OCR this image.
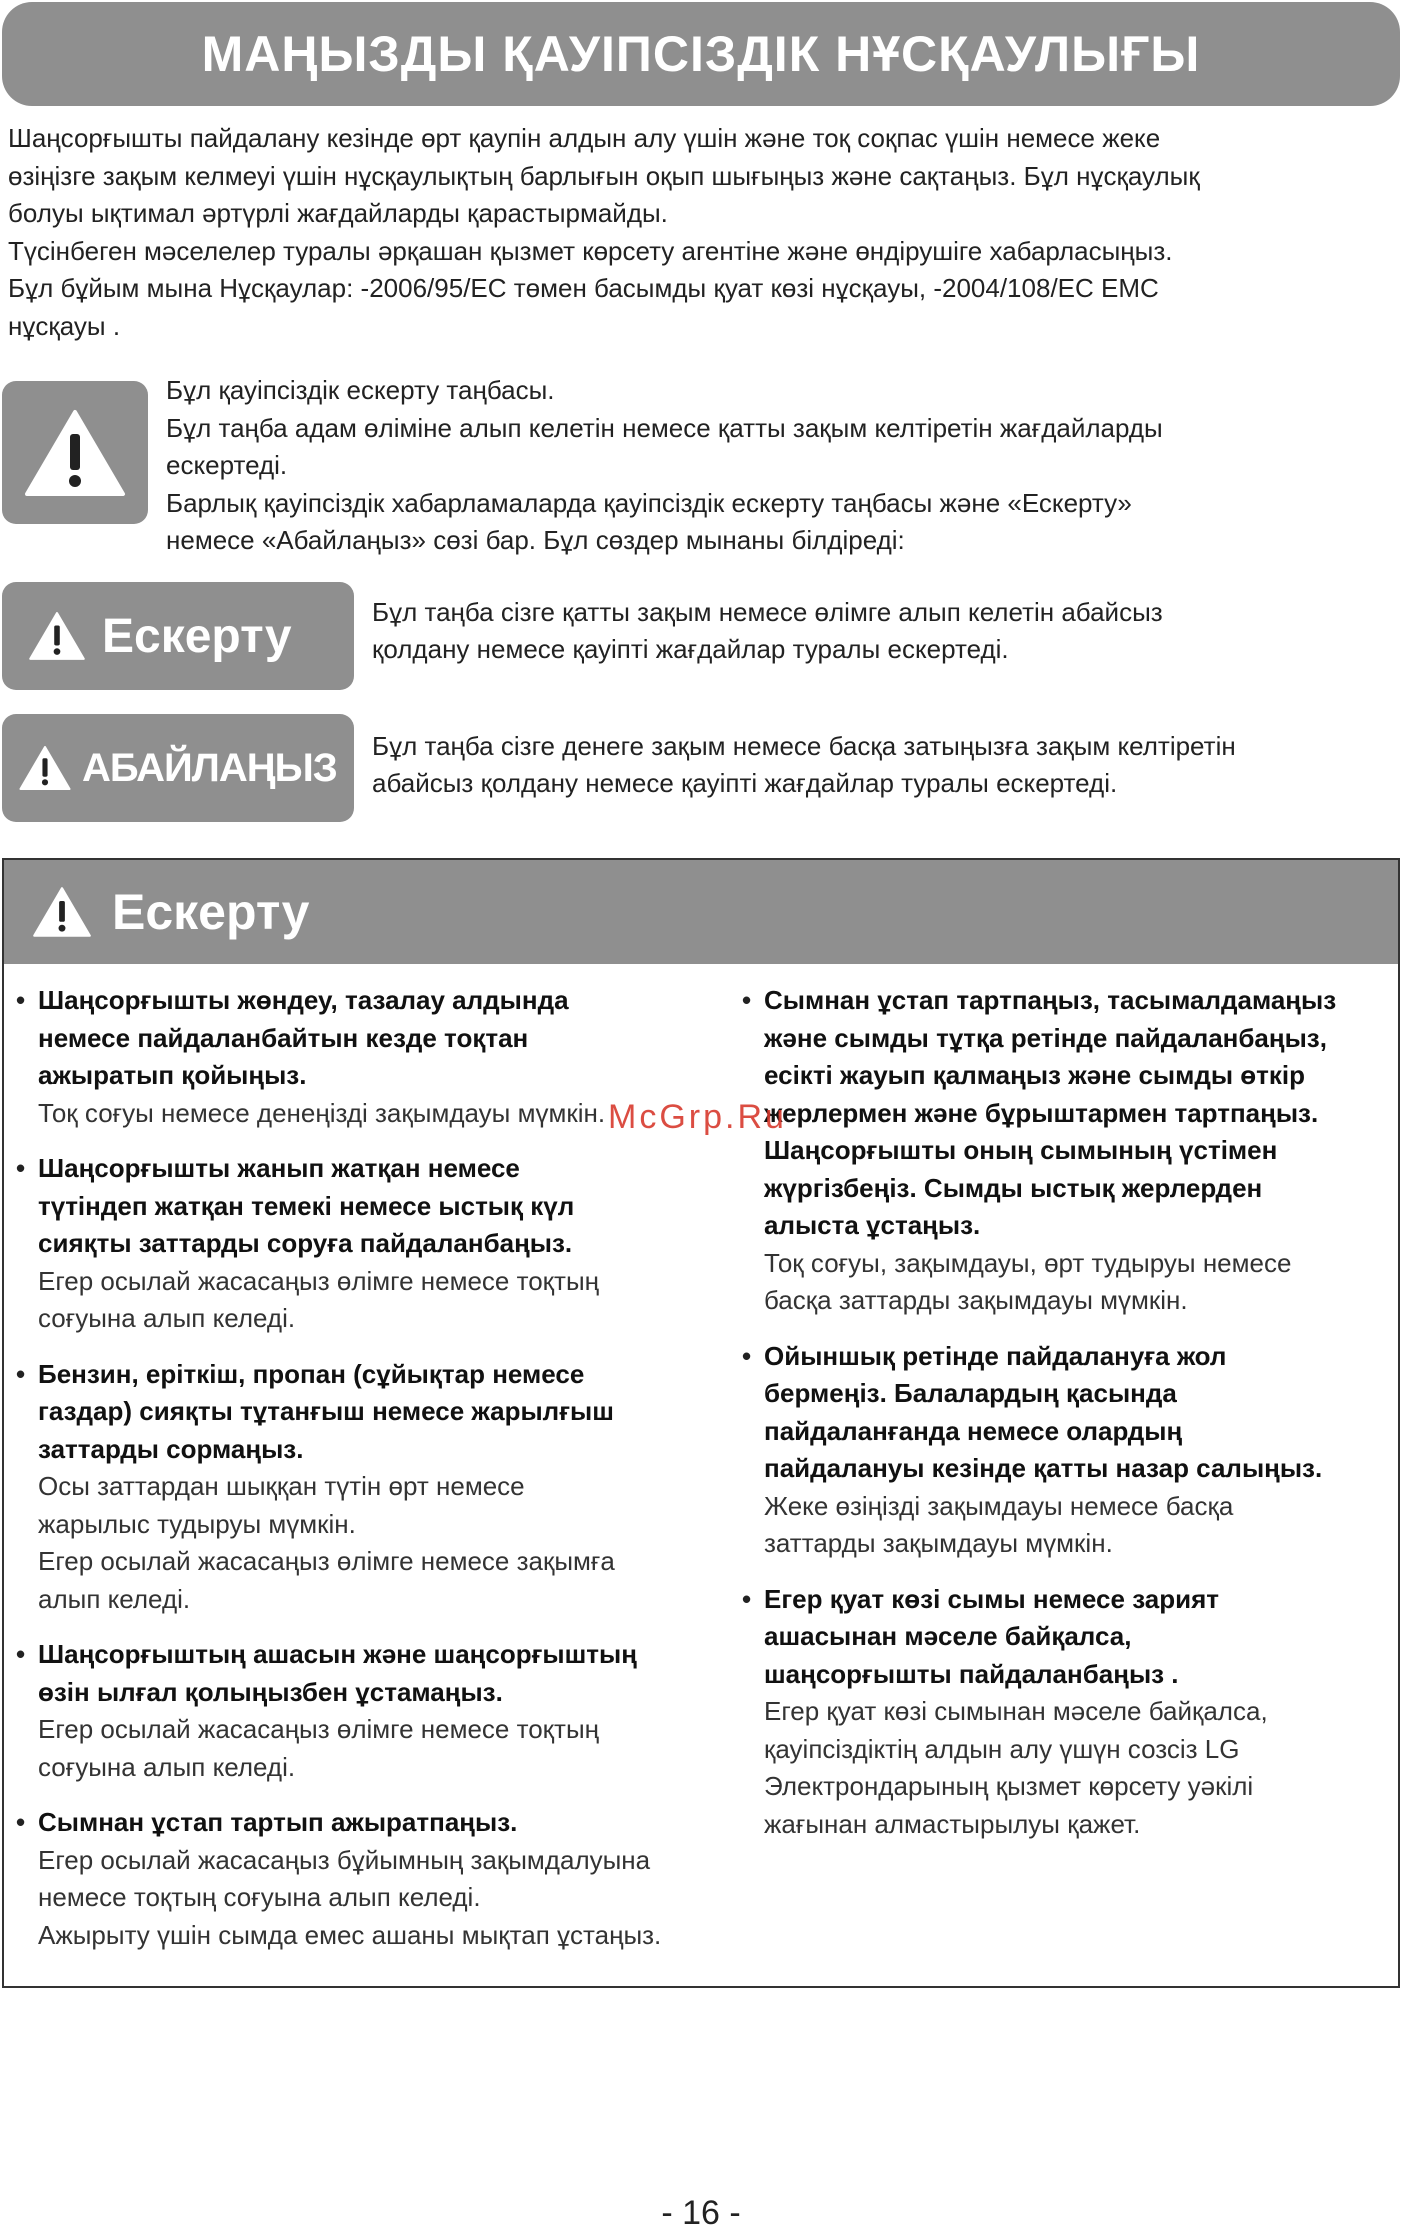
МАҢЫЗДЫ ҚАУІПСІЗДІК НҰСҚАУЛЫҒЫ

Шаңсорғышты пайдалану кезінде өрт қаупін алдын алу үшін және тоқ соқпас үшін немесе жеке

өзіңізге зақым келмеуі үшін нұсқаулықтың барлығын оқып шығыңыз және сақтаңыз. Бұл нұсқаулық

болуы ықтимал әртүрлі жағдайларды қарастырмайды.

Түсінбеген мәселелер туралы әрқашан қызмет көрсету агентіне және өндірушіге хабарласыңыз.

Бұл бұйым мына Нұсқаулар: -2006/95/EC төмен басымды қуат көзі нұсқауы, -2004/108/EC EMC

нұсқауы .

Бұл қауіпсіздік ескерту таңбасы.

Бұл таңба адам өліміне алып келетін немесе қатты зақым келтіретін жағдайларды

ескертеді.

Барлық қауіпсіздік хабарламаларда қауіпсіздік ескерту таңбасы және «Ескерту»

немесе «Абайлаңыз» сөзі бар. Бұл сөздер мынаны білдіреді:

Ескерту	Бұл таңба сізге қатты зақым немесе өлімге алып келетін абайсыз

қолдану немесе қауіпті жағдайлар туралы ескертеді.

АБАЙЛАҢЫЗ Бұл таңба сізге денеге зақым немесе басқа затыңызға зақым келтіретін

абайсыз қолдану немесе қауіпті жағдайлар туралы ескертеді.

Ескерту
• Шаңсорғышты жөндеу, тазалау алдында

немесе пайдаланбайтын кезде тоқтан

ажыратып қойыңыз.

Тоқ соғуы немесе денеңізді зақымдауы мүмкін.

• Шаңсорғышты жанып жатқан немесе

түтіндеп жатқан темекі немесе ыстық күл

сияқты заттарды соруға пайдаланбаңыз.

Егер осылай жасасаңыз өлімге немесе тоқтың

соғуына алып келеді.

• Бензин, еріткіш, пропан (сұйықтар немесе

газдар) сияқты тұтанғыш немесе жарылғыш

заттарды сормаңыз.

Осы заттардан шыққан түтін өрт немесе

жарылыс тудыруы мүмкін.

Егер осылай жасасаңыз өлімге немесе зақымға

алып келеді.

• Шаңсорғыштың ашасын және шаңсорғыштың

өзін ылғал қолыңызбен ұстамаңыз.

Егер осылай жасасаңыз өлімге немесе тоқтың

соғуына алып келеді.

• Сымнан ұстап тартып ажыратпаңыз.

Егер осылай жасасаңыз бұйымның зақымдалуына

немесе тоқтың соғуына алып келеді.

Ажырыту үшін сымда емес ашаны мықтап ұстаңыз.

• Сымнан ұстап тартпаңыз, тасымалдамаңыз

және сымды тұтқа ретінде пайдаланбаңыз,

есікті жауып қалмаңыз және сымды өткір

жерлермен және бұрыштармен тартпаңыз.

Шаңсорғышты оның сымының үстімен

жүргізбеңіз. Сымды ыстық жерлерден

алыста ұстаңыз.

Тоқ соғуы, зақымдауы, өрт тудыруы немесе

басқа заттарды зақымдауы мүмкін.

• Ойыншық ретінде пайдалануға жол

бермеңіз. Балалардың қасында

пайдаланғанда немесе олардың

пайдалануы кезінде қатты назар салыңыз.

Жеке өзіңізді зақымдауы немесе басқа

заттарды зақымдауы мүмкін.

• Егер қуат көзі сымы немесе зарият

ашасынан мәселе байқалса,

шаңсорғышты пайдаланбаңыз .

Егер қуат көзі сымынан мәселе байқалса,

қауіпсіздіктің алдын алу үшүн созсіз LG

Электрондарының қызмет көрсету уәкілі

жағынан алмастырылуы қажет.

McGrp.Ru
- 16 -
